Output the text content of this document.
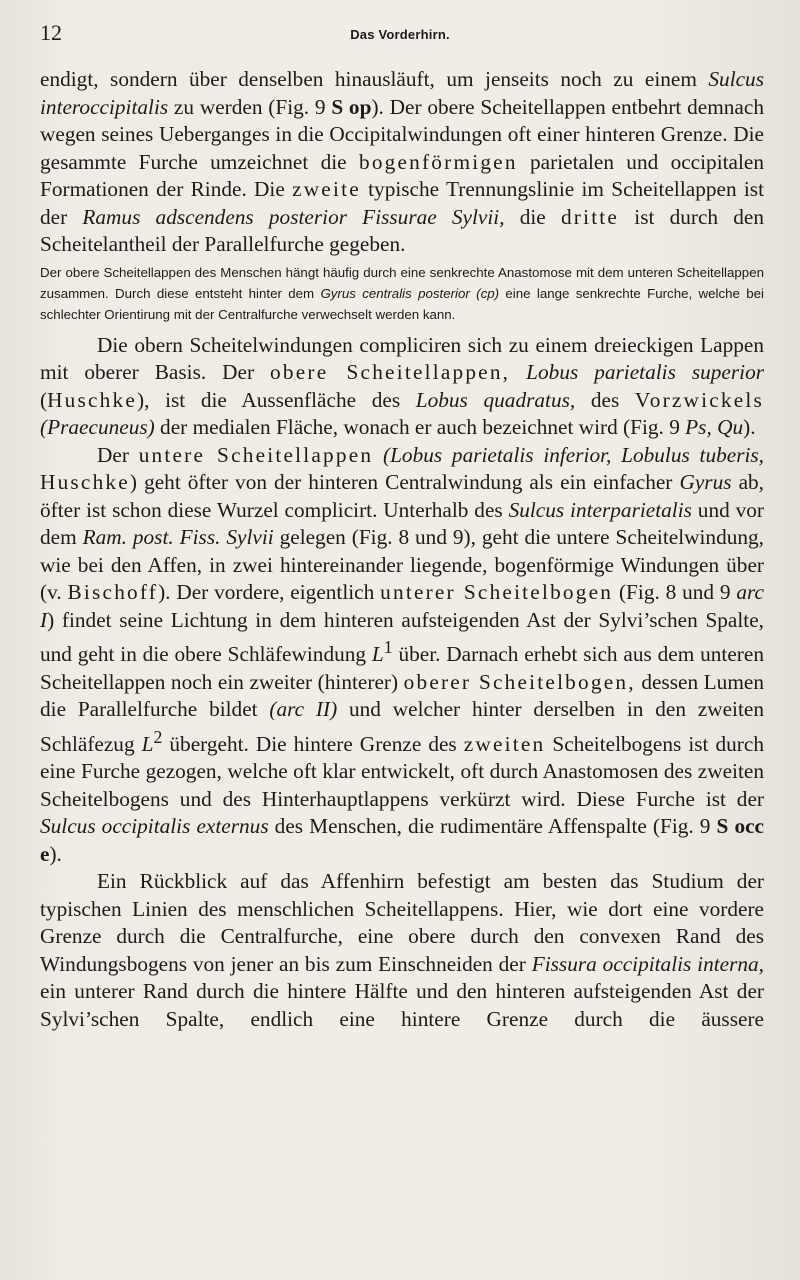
12	Das Vorderhirn.

endigt, sondern über denselben hinausläuft, um jenseits noch zu einem Sulcus interoccipitalis zu werden (Fig. 9 S op). Der obere Scheitellappen entbehrt demnach wegen seines Ueberganges in die Occipitalwindungen oft einer hinteren Grenze. Die gesammte Furche umzeichnet die bogenförmigen parietalen und occipitalen Formationen der Rinde. Die zweite typische Trennungslinie im Scheitellappen ist der Ramus adscendens posterior Fissurae Sylvii, die dritte ist durch den Scheitelantheil der Parallelfurche gegeben.

Der obere Scheitellappen des Menschen hängt häufig durch eine senkrechte Anastomose mit dem unteren Scheitellappen zusammen. Durch diese entsteht hinter dem Gyrus centralis posterior (cp) eine lange senkrechte Furche, welche bei schlechter Orientirung mit der Centralfurche verwechselt werden kann.

Die obern Scheitelwindungen compliciren sich zu einem dreieckigen Lappen mit oberer Basis. Der obere Scheitellappen, Lobus parietalis superior (Huschke), ist die Aussenfläche des Lobus quadratus, des Vorzwickels (Praecuneus) der medialen Fläche, wonach er auch bezeichnet wird (Fig. 9 Ps, Qu).

Der untere Scheitellappen (Lobus parietalis inferior, Lobulus tuberis, Huschke) geht öfter von der hinteren Centralwindung als ein einfacher Gyrus ab, öfter ist schon diese Wurzel complicirt. Unterhalb des Sulcus interparietalis und vor dem Ram. post. Fiss. Sylvii gelegen (Fig. 8 und 9), geht die untere Scheitelwindung, wie bei den Affen, in zwei hintereinander liegende, bogenförmige Windungen über (v. Bischoff). Der vordere, eigentlich unterer Scheitelbogen (Fig. 8 und 9 arc I) findet seine Lichtung in dem hinteren aufsteigenden Ast der Sylvi’schen Spalte, und geht in die obere Schläfewindung $L^1$ über. Darnach erhebt sich aus dem unteren Scheitellappen noch ein zweiter (hinterer) oberer Scheitelbogen, dessen Lumen die Parallelfurche bildet (arc II) und welcher hinter derselben in den zweiten Schläfezug $L^2$ übergeht. Die hintere Grenze des zweiten Scheitelbogens ist durch eine Furche gezogen, welche oft klar entwickelt, oft durch Anastomosen des zweiten Scheitelbogens und des Hinterhauptlappens verkürzt wird. Diese Furche ist der Sulcus occipitalis externus des Menschen, die rudimentäre Affenspalte (Fig. 9 S occ e).

Ein Rückblick auf das Affenhirn befestigt am besten das Studium der typischen Linien des menschlichen Scheitellappens. Hier, wie dort eine vordere Grenze durch die Centralfurche, eine obere durch den convexen Rand des Windungsbogens von jener an bis zum Einschneiden der Fissura occipitalis interna, ein unterer Rand durch die hintere Hälfte und den hinteren aufsteigenden Ast der Sylvi’schen Spalte, endlich eine hintere Grenze durch die äussere
